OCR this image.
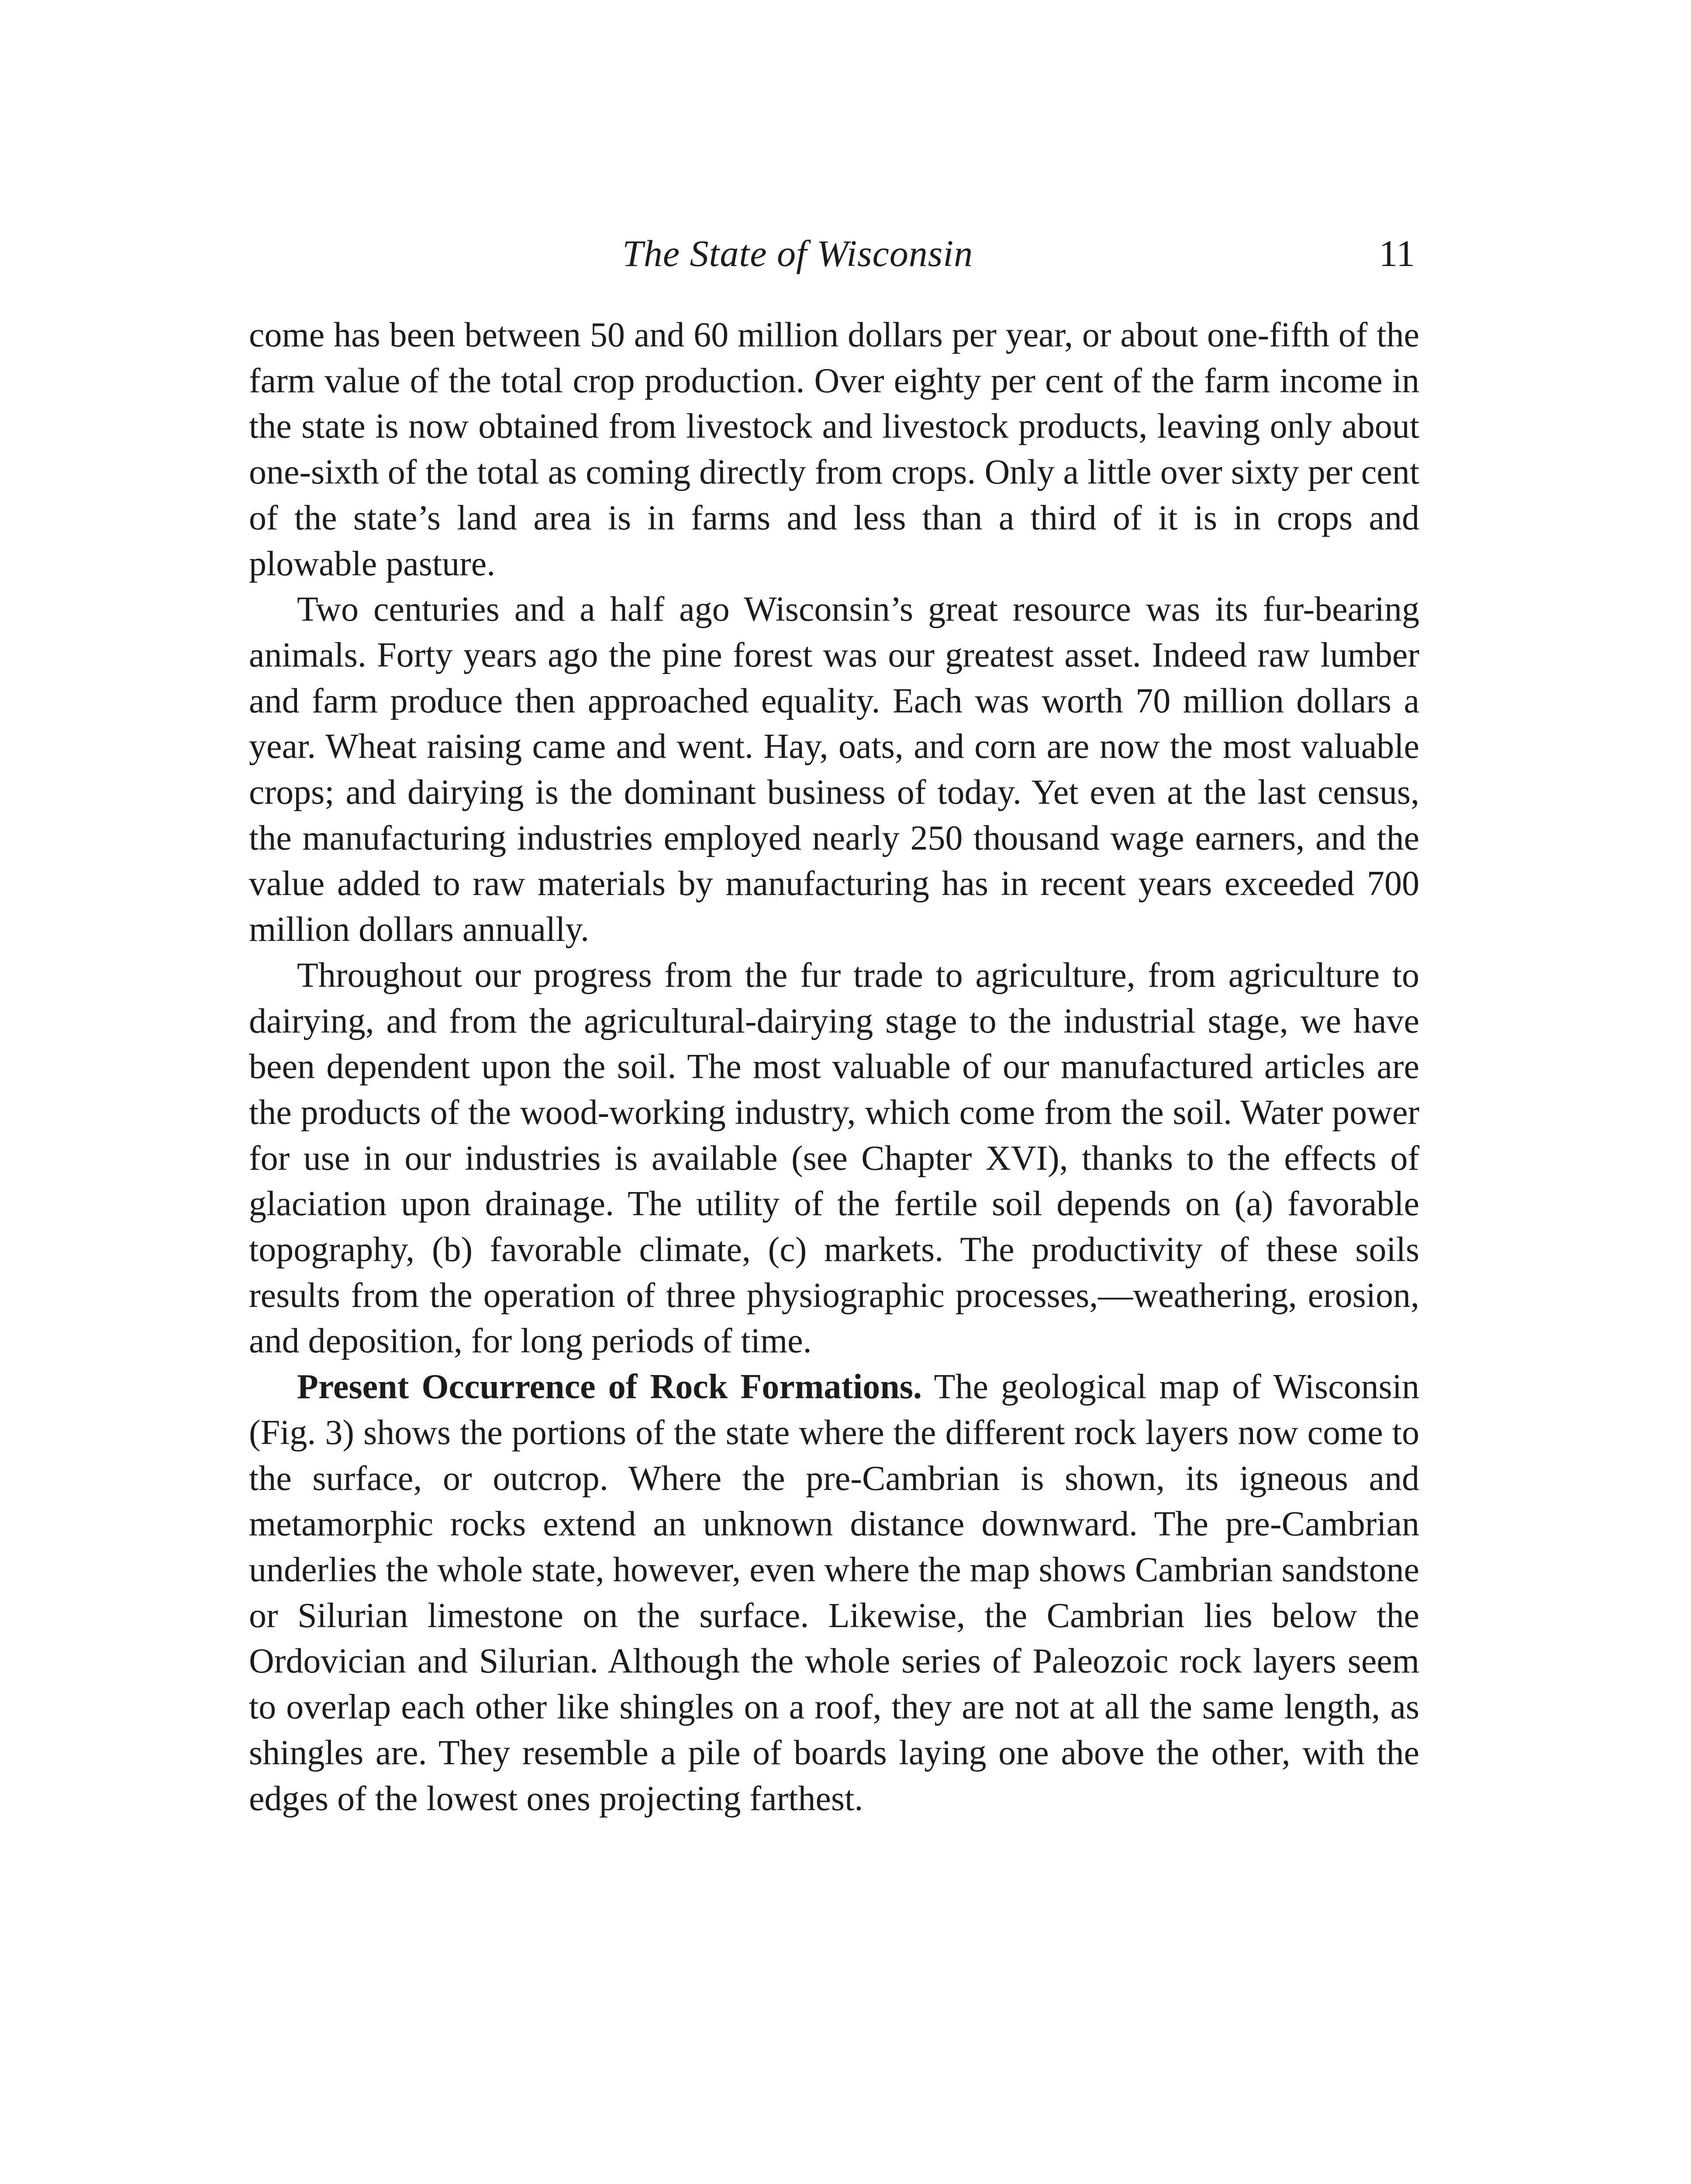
The State of Wisconsin	11

come has been between 50 and 60 million dollars per year, or about one-fifth of the farm value of the total crop production. Over eighty per cent of the farm income in the state is now obtained from livestock and livestock products, leaving only about one-sixth of the total as coming directly from crops. Only a little over sixty per cent of the state’s land area is in farms and less than a third of it is in crops and plowable pasture.

Two centuries and a half ago Wisconsin’s great resource was its fur-bearing animals. Forty years ago the pine forest was our greatest asset. Indeed raw lumber and farm produce then approached equality. Each was worth 70 million dollars a year. Wheat raising came and went. Hay, oats, and corn are now the most valuable crops; and dairying is the dominant business of today. Yet even at the last census, the manufacturing industries employed nearly 250 thousand wage earners, and the value added to raw materials by manufacturing has in recent years exceeded 700 million dollars annually.

Throughout our progress from the fur trade to agriculture, from agriculture to dairying, and from the agricultural-dairying stage to the industrial stage, we have been dependent upon the soil. The most valuable of our manufactured articles are the products of the wood-working industry, which come from the soil. Water power for use in our industries is available (see Chapter XVI), thanks to the effects of glaciation upon drainage. The utility of the fertile soil depends on (a) favorable topography, (b) favorable climate, (c) markets. The productivity of these soils results from the operation of three physiographic processes,—weathering, erosion, and deposition, for long periods of time.

Present Occurrence of Rock Formations. The geological map of Wisconsin (Fig. 3) shows the portions of the state where the different rock layers now come to the surface, or outcrop. Where the pre-Cambrian is shown, its igneous and metamorphic rocks extend an unknown distance downward. The pre-Cambrian underlies the whole state, however, even where the map shows Cambrian sandstone or Silurian limestone on the surface. Likewise, the Cambrian lies below the Ordovician and Silurian. Although the whole series of Paleozoic rock layers seem to overlap each other like shingles on a roof, they are not at all the same length, as shingles are. They resemble a pile of boards laying one above the other, with the edges of the lowest ones projecting farthest.
